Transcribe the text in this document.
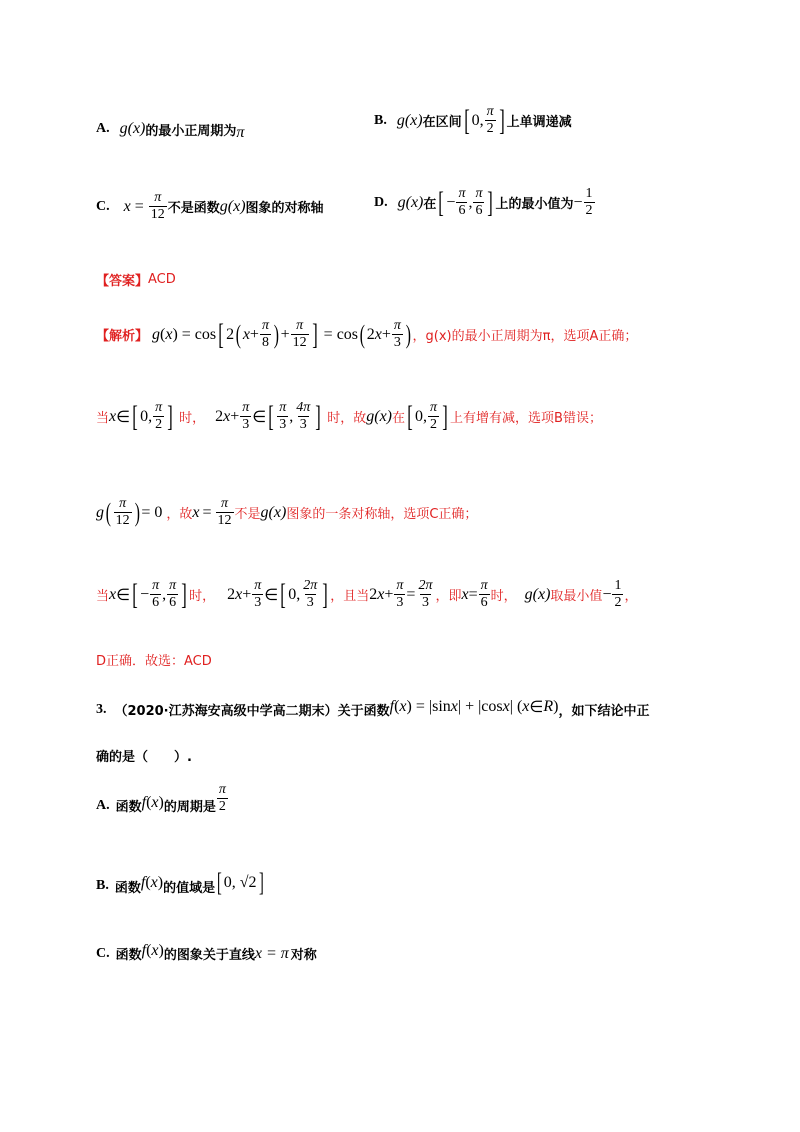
A. g(x) 的最小正周期为 π
B. g(x) 在区间 [ 0, $\frac{\pi}{2}$ ] 上单调递减
C. $x = \frac{\pi}{12}$ 不是函数 g(x) 图象的对称轴	D. g(x) 在 [ − $\frac{\pi}{6}$ , $\frac{\pi}{6}$ ] 上的最小值为 − $\frac{1}{2}$
【答案】 ACD
【解析】 g ( x ) = cos [ 2 ( $x + \frac{\pi}{8}$ ) + $\frac{\pi}{12}$ ] = cos ( 2 $x + \frac{\pi}{3}$ ) ，g(x)的最小正周期为π，选项A正确；
当 x ∈ [ 0, $\frac{\pi}{2}$ ] 时， 2 $x + \frac{\pi}{3}$ ∈ [ $\frac{\pi}{3}$ , $\frac{4\pi}{3}$ ] 时，故 g(x) 在 [ 0, $\frac{\pi}{2}$ ] 上有增有减，选项B错误；
g ( $\frac{\pi}{12}$ ) = 0 ，故 $x = \frac{\pi}{12}$ 不是 g(x) 图象的一条对称轴，选项C正确；
当 x ∈ [ − $\frac{\pi}{6}$ , $\frac{\pi}{6}$ ] 时， 2 $x + \frac{\pi}{3}$ ∈ [ 0, $\frac{2\pi}{3}$ ] ，且当 2 $x + \frac{\pi}{3} = \frac{2\pi}{3}$ ，即 $x = \frac{\pi}{6}$ 时， g(x) 取最小值 − $\frac{1}{2}$ ，
D正确．故选：ACD
3. （2020·江苏海安高级中学高二期末） 关于函数 f ( x ) = |sin x | + |cos x | ( x ∈ R ) ，如下结论中正
确的是（　　）.
A. 函数 f ( x ) 的周期是 $\frac{\pi}{2}$
B. 函数 f ( x ) 的值域是 [ 0, √2 ]
C. 函数 f ( x ) 的图象关于直线 x = π 对称
